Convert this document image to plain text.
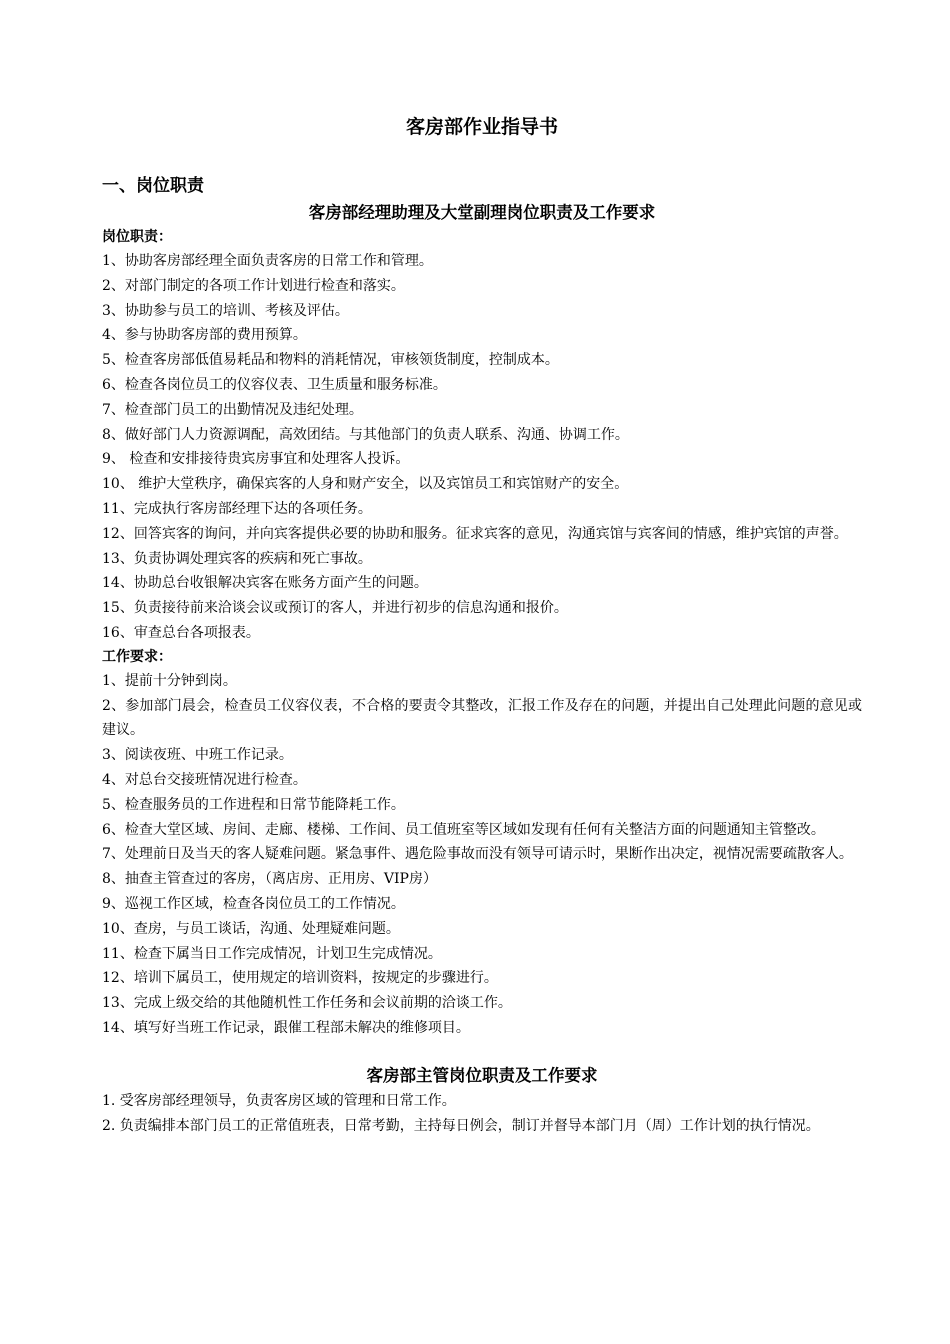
客房部作业指导书
一、岗位职责
客房部经理助理及大堂副理岗位职责及工作要求
岗位职责：
1、协助客房部经理全面负责客房的日常工作和管理。
2、对部门制定的各项工作计划进行检查和落实。
3、协助参与员工的培训、考核及评估。
4、参与协助客房部的费用预算。
5、检查客房部低值易耗品和物料的消耗情况，审核领货制度，控制成本。
6、检查各岗位员工的仪容仪表、卫生质量和服务标准。
7、检查部门员工的出勤情况及违纪处理。
8、做好部门人力资源调配，高效团结。与其他部门的负责人联系、沟通、协调工作。
9、 检查和安排接待贵宾房事宜和处理客人投诉。
10、 维护大堂秩序，确保宾客的人身和财产安全，以及宾馆员工和宾馆财产的安全。
11、完成执行客房部经理下达的各项任务。
12、回答宾客的询问，并向宾客提供必要的协助和服务。征求宾客的意见，沟通宾馆与宾客间的情感，维护宾馆的声誉。
13、负责协调处理宾客的疾病和死亡事故。
14、协助总台收银解决宾客在账务方面产生的问题。
15、负责接待前来洽谈会议或预订的客人，并进行初步的信息沟通和报价。
16、审查总台各项报表。
工作要求：
1、提前十分钟到岗。
2、参加部门晨会，检查员工仪容仪表，不合格的要责令其整改，汇报工作及存在的问题，并提出自己处理此问题的意见或建议。
3、阅读夜班、中班工作记录。
4、对总台交接班情况进行检查。
5、检查服务员的工作进程和日常节能降耗工作。
6、检查大堂区域、房间、走廊、楼梯、工作间、员工值班室等区域如发现有任何有关整洁方面的问题通知主管整改。
7、处理前日及当天的客人疑难问题。紧急事件、遇危险事故而没有领导可请示时，果断作出决定，视情况需要疏散客人。
8、抽查主管查过的客房，（离店房、正用房、VIP房）
9、巡视工作区域，检查各岗位员工的工作情况。
10、查房，与员工谈话，沟通、处理疑难问题。
11、检查下属当日工作完成情况，计划卫生完成情况。
12、培训下属员工，使用规定的培训资料，按规定的步骤进行。
13、完成上级交给的其他随机性工作任务和会议前期的洽谈工作。
14、填写好当班工作记录，跟催工程部未解决的维修项目。
客房部主管岗位职责及工作要求
1. 受客房部经理领导，负责客房区域的管理和日常工作。
2. 负责编排本部门员工的正常值班表，日常考勤，主持每日例会，制订并督导本部门月（周）工作计划的执行情况。
